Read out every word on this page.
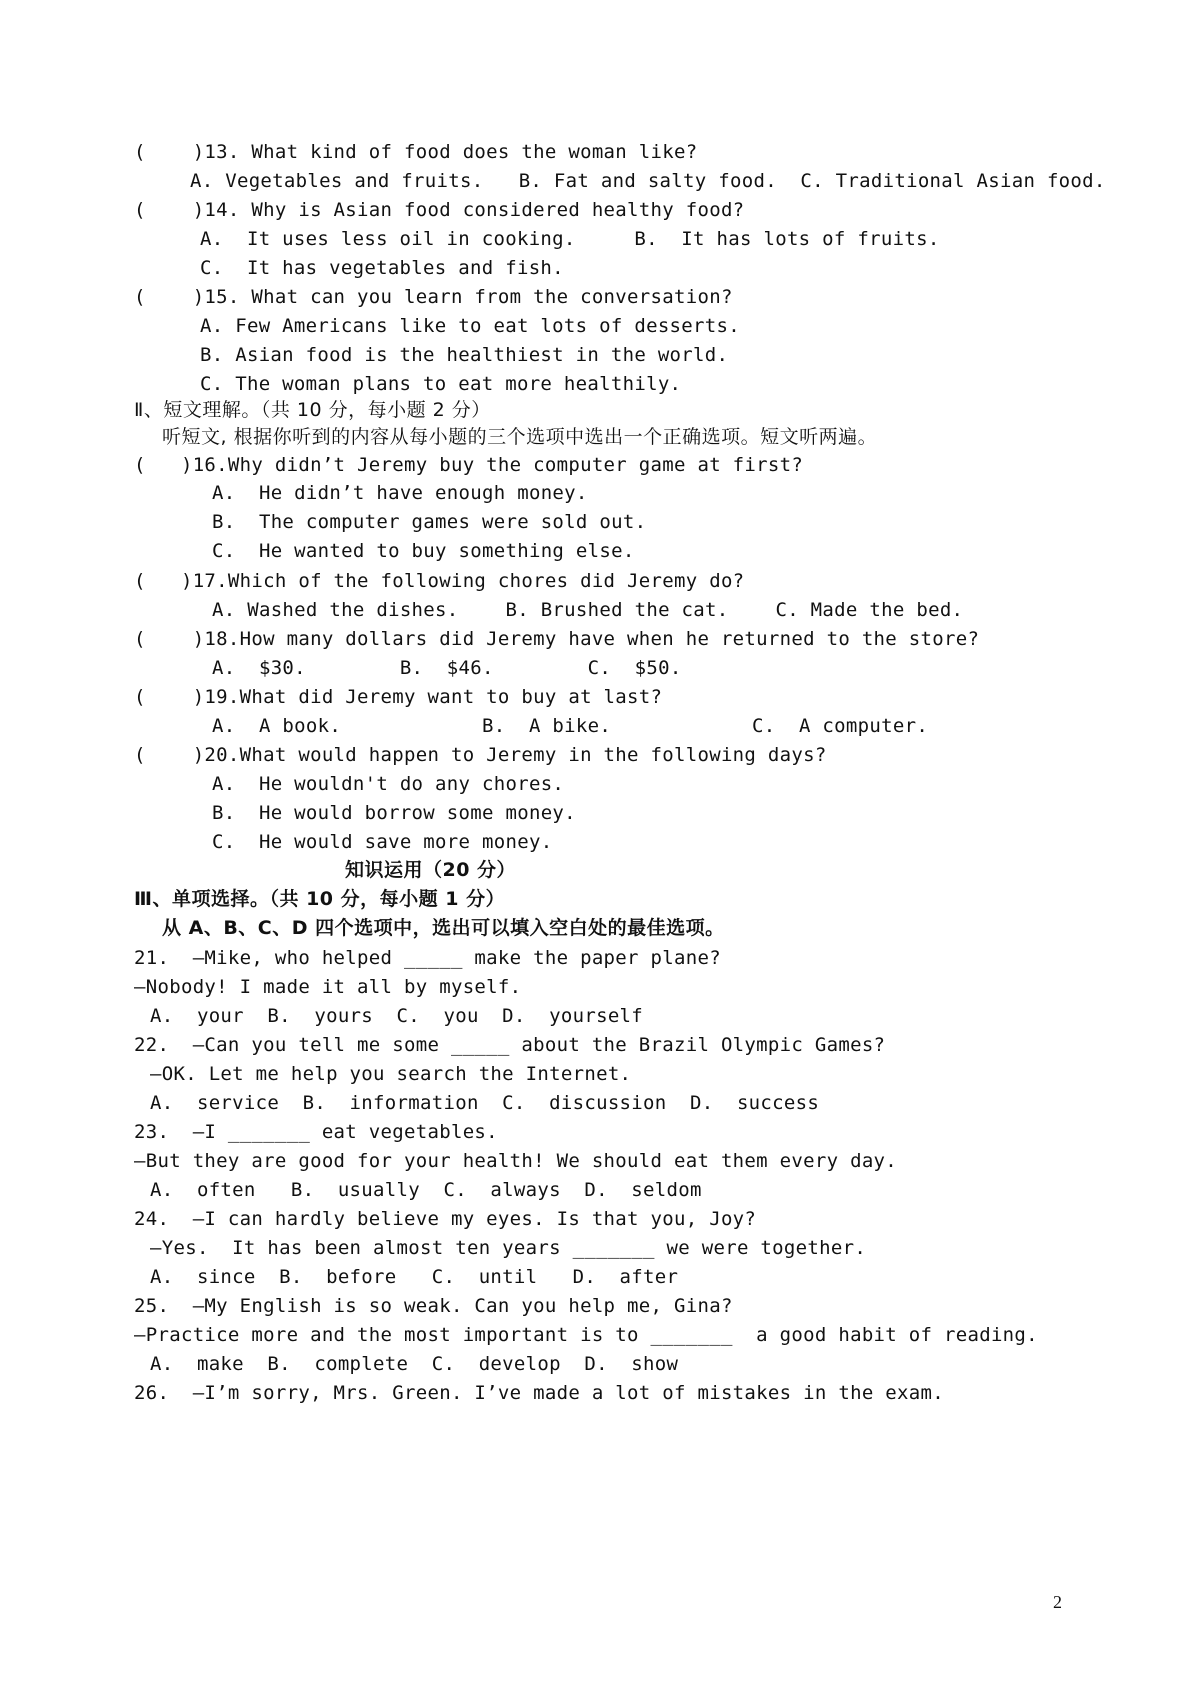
(    )13. What kind of food does the woman like?
A. Vegetables and fruits.   B. Fat and salty food.  C. Traditional Asian food.
(    )14. Why is Asian food considered healthy food?
A.  It uses less oil in cooking.     B.  It has lots of fruits.
C.  It has vegetables and fish.
(    )15. What can you learn from the conversation?
A. Few Americans like to eat lots of desserts.
B. Asian food is the healthiest in the world.
C. The woman plans to eat more healthily.
Ⅱ、短文理解。（共 10 分，每小题 2 分）
听短文, 根据你听到的内容从每小题的三个选项中选出一个正确选项。短文听两遍。
(   )16.Why didn’t Jeremy buy the computer game at first?
A.  He didn’t have enough money.
B.  The computer games were sold out.
C.  He wanted to buy something else.
(   )17.Which of the following chores did Jeremy do?
A. Washed the dishes.    B. Brushed the cat.    C. Made the bed.
(    )18.How many dollars did Jeremy have when he returned to the store?
A.  $30.        B.  $46.        C.  $50.
(    )19.What did Jeremy want to buy at last?
A.  A book.            B.  A bike.            C.  A computer.
(    )20.What would happen to Jeremy in the following days?
A.  He wouldn't do any chores.
B.  He would borrow some money.
C.  He would save more money.
知识运用（20 分）
Ⅲ、单项选择。（共 10 分，每小题 1 分）
从 A、B、C、D 四个选项中，选出可以填入空白处的最佳选项。
21.  —Mike, who helped _____ make the paper plane?
—Nobody! I made it all by myself.
A.  your  B.  yours  C.  you  D.  yourself
22.  —Can you tell me some _____ about the Brazil Olympic Games?
—OK. Let me help you search the Internet.
A.  service  B.  information  C.  discussion  D.  success
23.  —I _______ eat vegetables.
—But they are good for your health! We should eat them every day.
A.  often   B.  usually  C.  always  D.  seldom
24.  —I can hardly believe my eyes. Is that you, Joy?
—Yes.  It has been almost ten years _______ we were together.
A.  since  B.  before   C.  until   D.  after
25.  —My English is so weak. Can you help me, Gina?
—Practice more and the most important is to _______  a good habit of reading.
A.  make  B.  complete  C.  develop  D.  show
26.  —I’m sorry, Mrs. Green. I’ve made a lot of mistakes in the exam.
2
